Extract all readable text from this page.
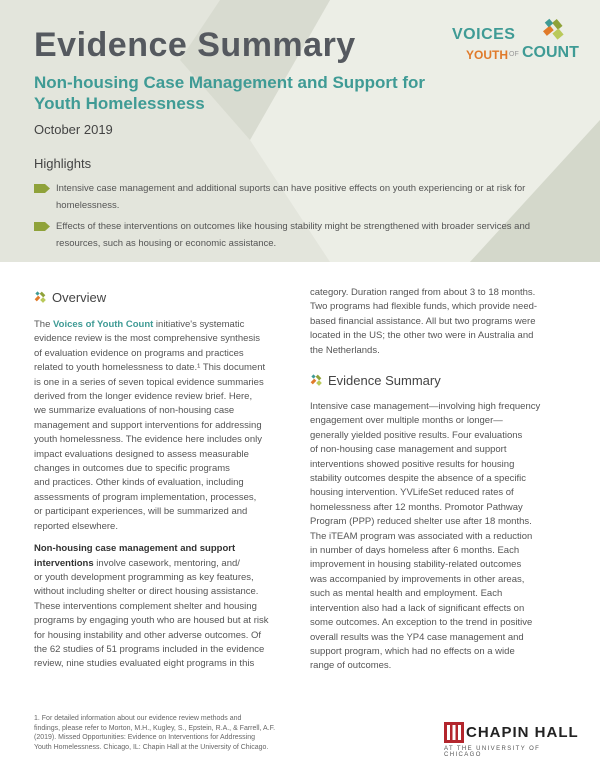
VOICES
YOUTH OF COUNT
Evidence Summary
Non-housing Case Management and Support for Youth Homelessness
October 2019
Highlights
Intensive case management and additional suports can have positive effects on youth experiencing or at risk for homelessness.
Effects of these interventions on outcomes like housing stability might be strengthened with broader services and resources, such as housing or economic assistance.
Overview

The Voices of Youth Count initiative's systematic
evidence review is the most comprehensive synthesis
of evaluation evidence on programs and practices
related to youth homelessness to date.¹ This document
is one in a series of seven topical evidence summaries
derived from the longer evidence review brief. Here,
we summarize evaluations of non-housing case
management and support interventions for addressing
youth homelessness. The evidence here includes only
impact evaluations designed to assess measurable
changes in outcomes due to specific programs
and practices. Other kinds of evaluation, including
assessments of program implementation, processes,
or participant experiences, will be summarized and
reported elsewhere.

Non-housing case management and support
interventions involve casework, mentoring, and/
or youth development programming as key features,
without including shelter or direct housing assistance.
These interventions complement shelter and housing
programs by engaging youth who are housed but at risk
for housing instability and other adverse outcomes. Of
the 62 studies of 51 programs included in the evidence
review, nine studies evaluated eight programs in this

category. Duration ranged from about 3 to 18 months.
Two programs had flexible funds, which provide need-
based financial assistance. All but two programs were
located in the US; the other two were in Australia and
the Netherlands.

Evidence Summary

Intensive case management—involving high frequency
engagement over multiple months or longer—
generally yielded positive results. Four evaluations
of non-housing case management and support
interventions showed positive results for housing
stability outcomes despite the absence of a specific
housing intervention. YVLifeSet reduced rates of
homelessness after 12 months. Promotor Pathway
Program (PPP) reduced shelter use after 18 months.
The iTEAM program was associated with a reduction
in number of days homeless after 6 months. Each
improvement in housing stability-related outcomes
was accompanied by improvements in other areas,
such as mental health and employment. Each
intervention also had a lack of significant effects on
some outcomes. An exception to the trend in positive
overall results was the YP4 case management and
support program, which had no effects on a wide
range of outcomes.

1. For detailed information about our evidence review methods and
findings, please refer to Morton, M.H., Kugley, S., Epstein, R.A., & Farrell, A.F.
(2019). Missed Opportunities: Evidence on Interventions for Addressing
Youth Homelessness. Chicago, IL: Chapin Hall at the University of Chicago.
CHAPIN HALL
AT THE UNIVERSITY OF CHICAGO
